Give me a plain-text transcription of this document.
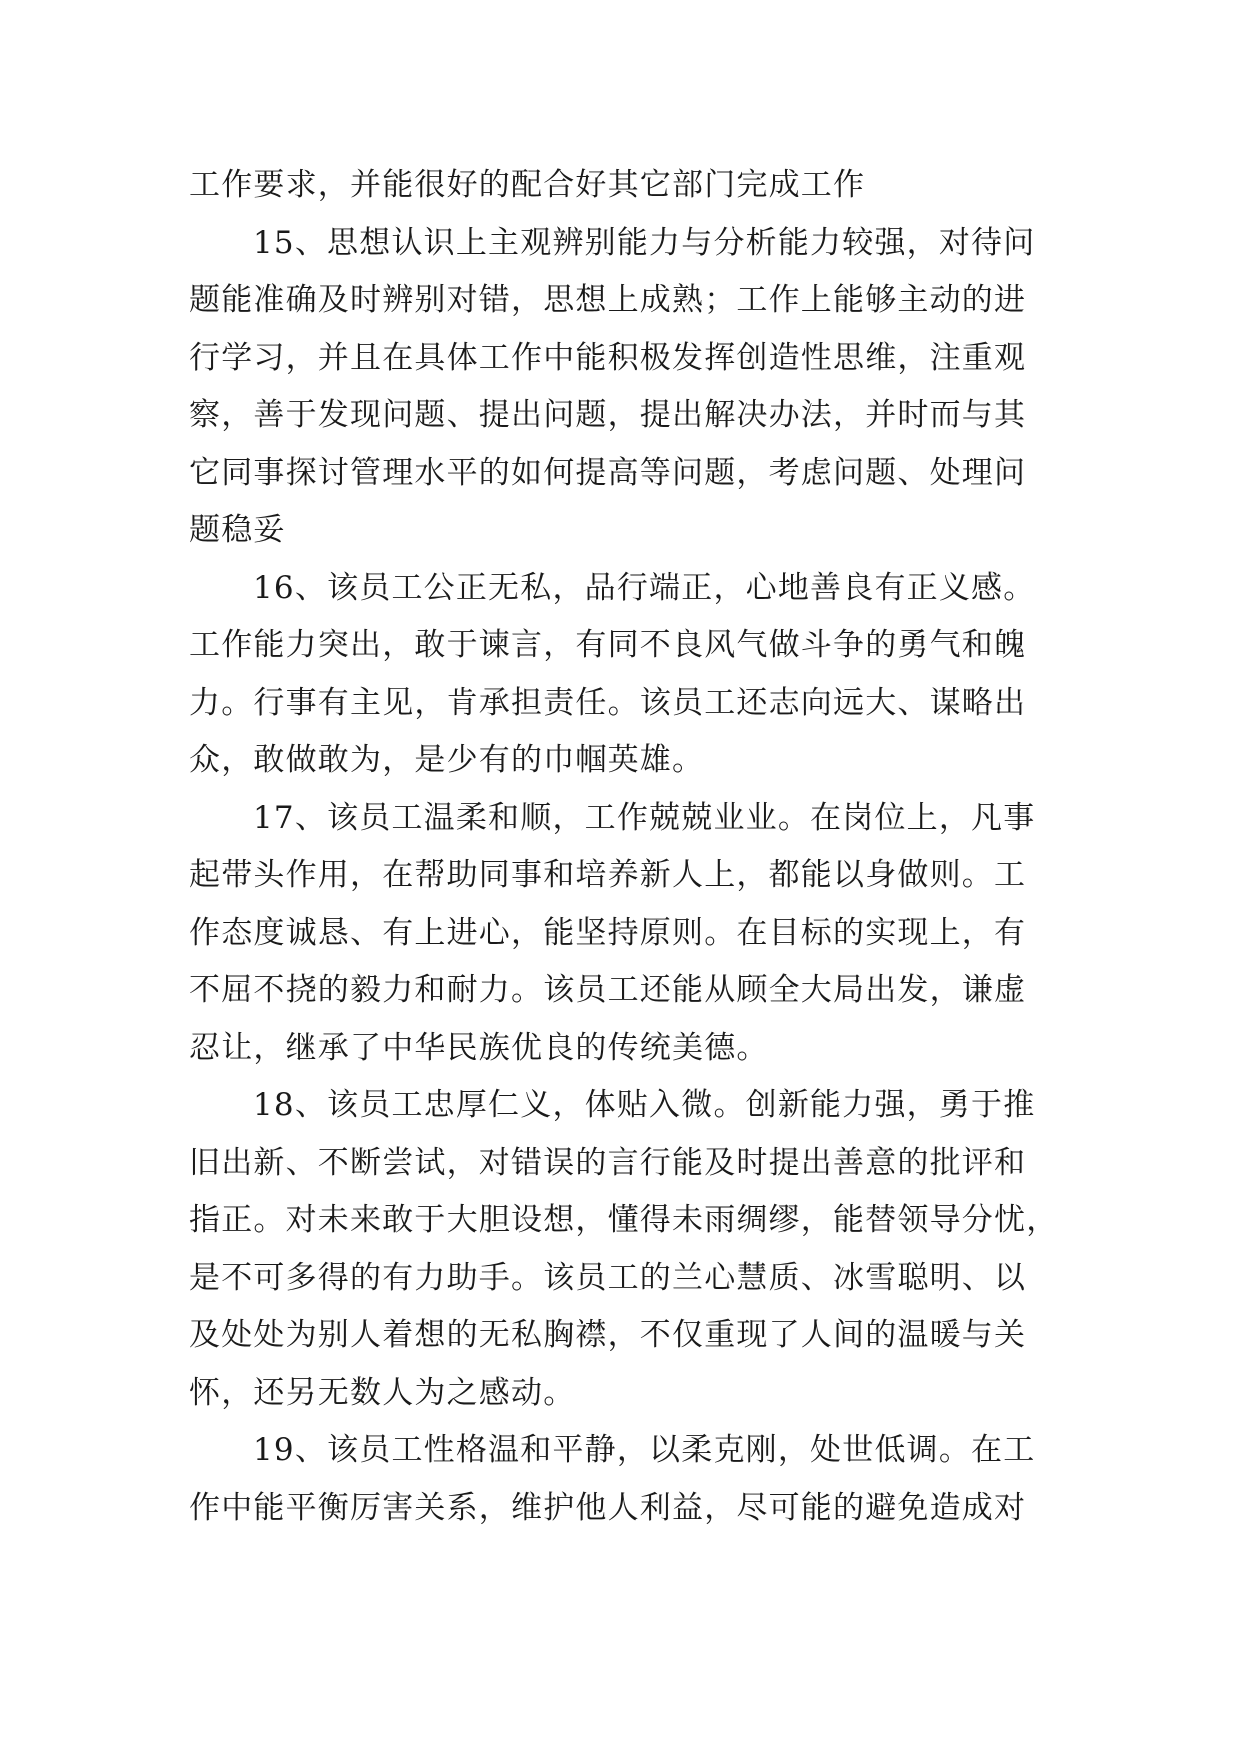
工作要求，并能很好的配合好其它部门完成工作
15、思想认识上主观辨别能力与分析能力较强，对待问
题能准确及时辨别对错，思想上成熟；工作上能够主动的进
行学习，并且在具体工作中能积极发挥创造性思维，注重观
察，善于发现问题、提出问题，提出解决办法，并时而与其
它同事探讨管理水平的如何提高等问题，考虑问题、处理问
题稳妥
16、该员工公正无私，品行端正，心地善良有正义感。
工作能力突出，敢于谏言，有同不良风气做斗争的勇气和魄
力。行事有主见，肯承担责任。该员工还志向远大、谋略出
众，敢做敢为，是少有的巾帼英雄。
17、该员工温柔和顺，工作兢兢业业。在岗位上，凡事
起带头作用，在帮助同事和培养新人上，都能以身做则。工
作态度诚恳、有上进心，能坚持原则。在目标的实现上，有
不屈不挠的毅力和耐力。该员工还能从顾全大局出发，谦虚
忍让，继承了中华民族优良的传统美德。
18、该员工忠厚仁义，体贴入微。创新能力强，勇于推
旧出新、不断尝试，对错误的言行能及时提出善意的批评和
指正。对未来敢于大胆设想，懂得未雨绸缪，能替领导分忧，
是不可多得的有力助手。该员工的兰心慧质、冰雪聪明、以
及处处为别人着想的无私胸襟，不仅重现了人间的温暖与关
怀，还另无数人为之感动。
19、该员工性格温和平静，以柔克刚，处世低调。在工
作中能平衡厉害关系，维护他人利益，尽可能的避免造成对
